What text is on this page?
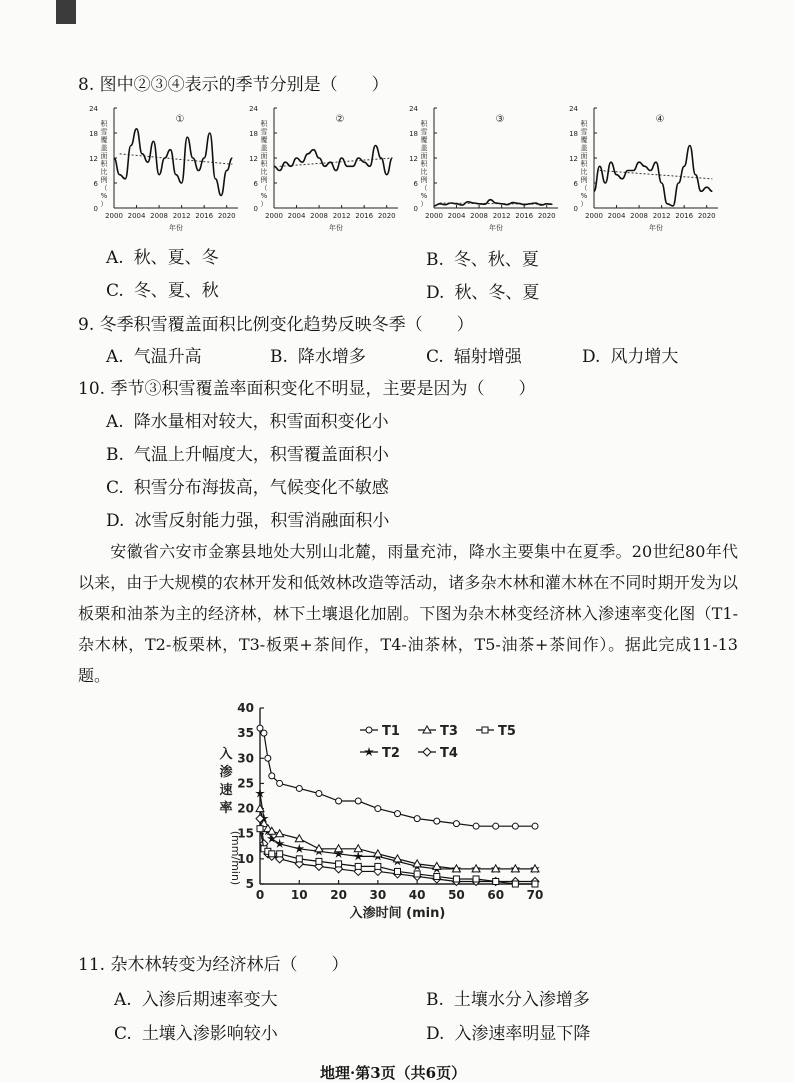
8. 图中②③④表示的季节分别是（　　）
0
6
12
18
24
2000 2004 2008 2012 2016 2020
积
雪
覆
盖
面
积
比
例
（
%
）
年份
①
0
6
12
18
24
2000 2004 2008 2012 2016 2020
积
雪
覆
盖
面
积
比
例
（
%
）
年份
②
0
6
12
18
24
2000 2004 2008 2012 2016 2020
积
雪
覆
盖
面
积
比
例
（
%
）
年份
③
0
6
12
18
24
2000 2004 2008 2012 2016 2020
积
雪
覆
盖
面
积
比
例
（
%
）
年份
④
A. 秋、夏、冬	B. 冬、秋、夏
C. 冬、夏、秋	D. 秋、冬、夏
9. 冬季积雪覆盖面积比例变化趋势反映冬季（　　）
A. 气温升高	B. 降水增多	C. 辐射增强	D. 风力增大
10. 季节③积雪覆盖率面积变化不明显，主要是因为（　　）
A. 降水量相对较大，积雪面积变化小
B. 气温上升幅度大，积雪覆盖面积小
C. 积雪分布海拔高，气候变化不敏感
D. 冰雪反射能力强，积雪消融面积小
安徽省六安市金寨县地处大别山北麓，雨量充沛，降水主要集中在夏季。20世纪80年代以来，由于大规模的农林开发和低效林改造等活动，诸多杂木林和灌木林在不同时期开发为以板栗和油茶为主的经济林，林下土壤退化加剧。下图为杂木林变经济林入渗速率变化图（T1-杂木林，T2-板栗林，T3-板栗+茶间作，T4-油茶林，T5-油茶+茶间作）。据此完成11-13题。
5
10
15
20
25
30
35
40
0 10 20 30 40 50 60 70
入
渗
速
率
(mm/min)
入渗时间 (min)
T1	T3	T5
T2	T4
11. 杂木林转变为经济林后（　　）
A. 入渗后期速率变大	B. 土壤水分入渗增多
C. 土壤入渗影响较小	D. 入渗速率明显下降
地理·第3页（共6页）
